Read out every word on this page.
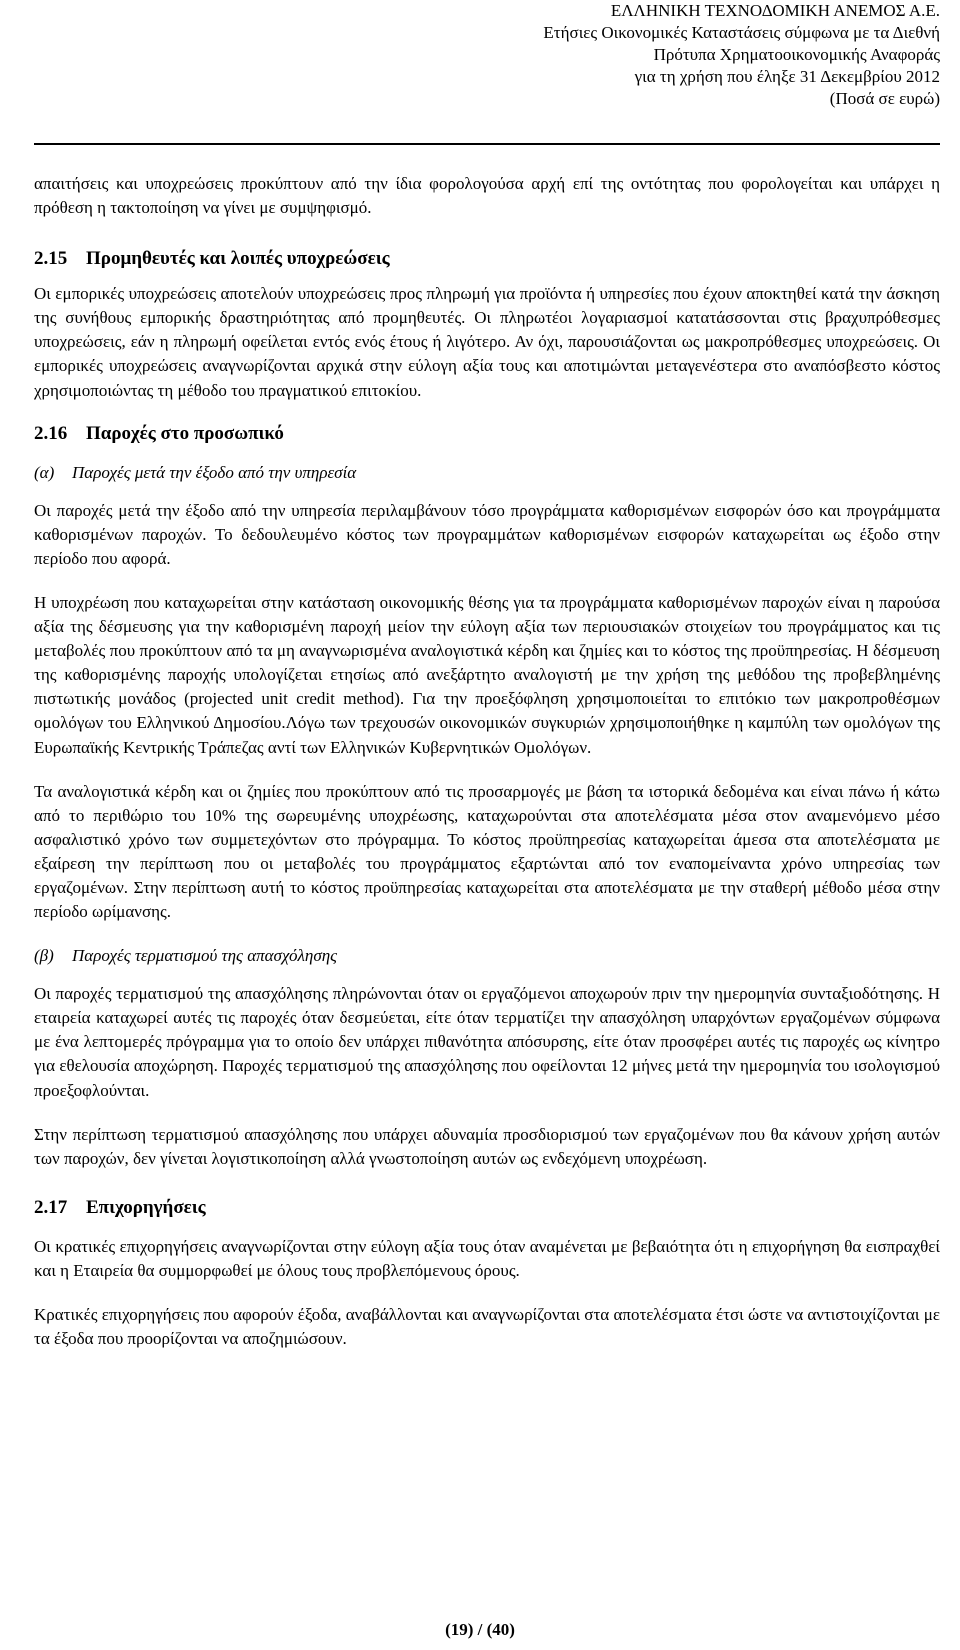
ΕΛΛΗΝΙΚΗ ΤΕΧΝΟΔΟΜΙΚΗ ΑΝΕΜΟΣ Α.Ε.
Ετήσιες Οικονομικές Καταστάσεις σύμφωνα με τα Διεθνή
Πρότυπα Χρηματοοικονομικής Αναφοράς
για τη χρήση που έληξε 31 Δεκεμβρίου 2012
(Ποσά σε ευρώ)

απαιτήσεις και υποχρεώσεις προκύπτουν από την ίδια φορολογούσα αρχή επί της οντότητας που φορολογείται και υπάρχει η πρόθεση η τακτοποίηση να γίνει με συμψηφισμό.

2.15 Προμηθευτές και λοιπές υποχρεώσεις

Οι εμπορικές υποχρεώσεις αποτελούν υποχρεώσεις προς πληρωμή για προϊόντα ή υπηρεσίες που έχουν αποκτηθεί κατά την άσκηση της συνήθους εμπορικής δραστηριότητας από προμηθευτές. Οι πληρωτέοι λογαριασμοί κατατάσσονται στις βραχυπρόθεσμες υποχρεώσεις, εάν η πληρωμή οφείλεται εντός ενός έτους ή λιγότερο. Αν όχι, παρουσιάζονται ως μακροπρόθεσμες υποχρεώσεις. Οι εμπορικές υποχρεώσεις αναγνωρίζονται αρχικά στην εύλογη αξία τους και αποτιμώνται μεταγενέστερα στο αναπόσβεστο κόστος χρησιμοποιώντας τη μέθοδο του πραγματικού επιτοκίου.

2.16 Παροχές στο προσωπικό
(α) Παροχές μετά την έξοδο από την υπηρεσία

Οι παροχές μετά την έξοδο από την υπηρεσία περιλαμβάνουν τόσο προγράμματα καθορισμένων εισφορών όσο και προγράμματα καθορισμένων παροχών. Το δεδουλευμένο κόστος των προγραμμάτων καθορισμένων εισφορών καταχωρείται ως έξοδο στην περίοδο που αφορά.

Η υποχρέωση που καταχωρείται στην κατάσταση οικονομικής θέσης για τα προγράμματα καθορισμένων παροχών είναι η παρούσα αξία της δέσμευσης για την καθορισμένη παροχή μείον την εύλογη αξία των περιουσιακών στοιχείων του προγράμματος και τις μεταβολές που προκύπτουν από τα μη αναγνωρισμένα αναλογιστικά κέρδη και ζημίες και το κόστος της προϋπηρεσίας. Η δέσμευση της καθορισμένης παροχής υπολογίζεται ετησίως από ανεξάρτητο αναλογιστή με την χρήση της μεθόδου της προβεβλημένης πιστωτικής μονάδος (projected unit credit method). Για την προεξόφληση χρησιμοποιείται το επιτόκιο των μακροπροθέσμων ομολόγων του Ελληνικού Δημοσίου.Λόγω των τρεχουσών οικονομικών συγκυριών χρησιμοποιήθηκε η καμπύλη των ομολόγων της Ευρωπαϊκής Κεντρικής Τράπεζας αντί των Ελληνικών Κυβερνητικών Ομολόγων.

Τα αναλογιστικά κέρδη και οι ζημίες που προκύπτουν από τις προσαρμογές με βάση τα ιστορικά δεδομένα και είναι πάνω ή κάτω από το περιθώριο του 10% της σωρευμένης υποχρέωσης, καταχωρούνται στα αποτελέσματα μέσα στον αναμενόμενο μέσο ασφαλιστικό χρόνο των συμμετεχόντων στο πρόγραμμα. Το κόστος προϋπηρεσίας καταχωρείται άμεσα στα αποτελέσματα με εξαίρεση την περίπτωση που οι μεταβολές του προγράμματος εξαρτώνται από τον εναπομείναντα χρόνο υπηρεσίας των εργαζομένων. Στην περίπτωση αυτή το κόστος προϋπηρεσίας καταχωρείται στα αποτελέσματα με την σταθερή μέθοδο μέσα στην περίοδο ωρίμανσης.

(β) Παροχές τερματισμού της απασχόλησης

Οι παροχές τερματισμού της απασχόλησης πληρώνονται όταν οι εργαζόμενοι αποχωρούν πριν την ημερομηνία συνταξιοδότησης. Η εταιρεία καταχωρεί αυτές τις παροχές όταν δεσμεύεται, είτε όταν τερματίζει την απασχόληση υπαρχόντων εργαζομένων σύμφωνα με ένα λεπτομερές πρόγραμμα για το οποίο δεν υπάρχει πιθανότητα απόσυρσης, είτε όταν προσφέρει αυτές τις παροχές ως κίνητρο για εθελουσία αποχώρηση. Παροχές τερματισμού της απασχόλησης που οφείλονται 12 μήνες μετά την ημερομηνία του ισολογισμού προεξοφλούνται.

Στην περίπτωση τερματισμού απασχόλησης που υπάρχει αδυναμία προσδιορισμού των εργαζομένων που θα κάνουν χρήση αυτών των παροχών, δεν γίνεται λογιστικοποίηση αλλά γνωστοποίηση αυτών ως ενδεχόμενη υποχρέωση.

2.17 Επιχορηγήσεις

Οι κρατικές επιχορηγήσεις αναγνωρίζονται στην εύλογη αξία τους όταν αναμένεται με βεβαιότητα ότι η επιχορήγηση θα εισπραχθεί και η Εταιρεία θα συμμορφωθεί με όλους τους προβλεπόμενους όρους.

Κρατικές επιχορηγήσεις που αφορούν έξοδα, αναβάλλονται και αναγνωρίζονται στα αποτελέσματα έτσι ώστε να αντιστοιχίζονται με τα έξοδα που προορίζονται να αποζημιώσουν.

(19) / (40)
